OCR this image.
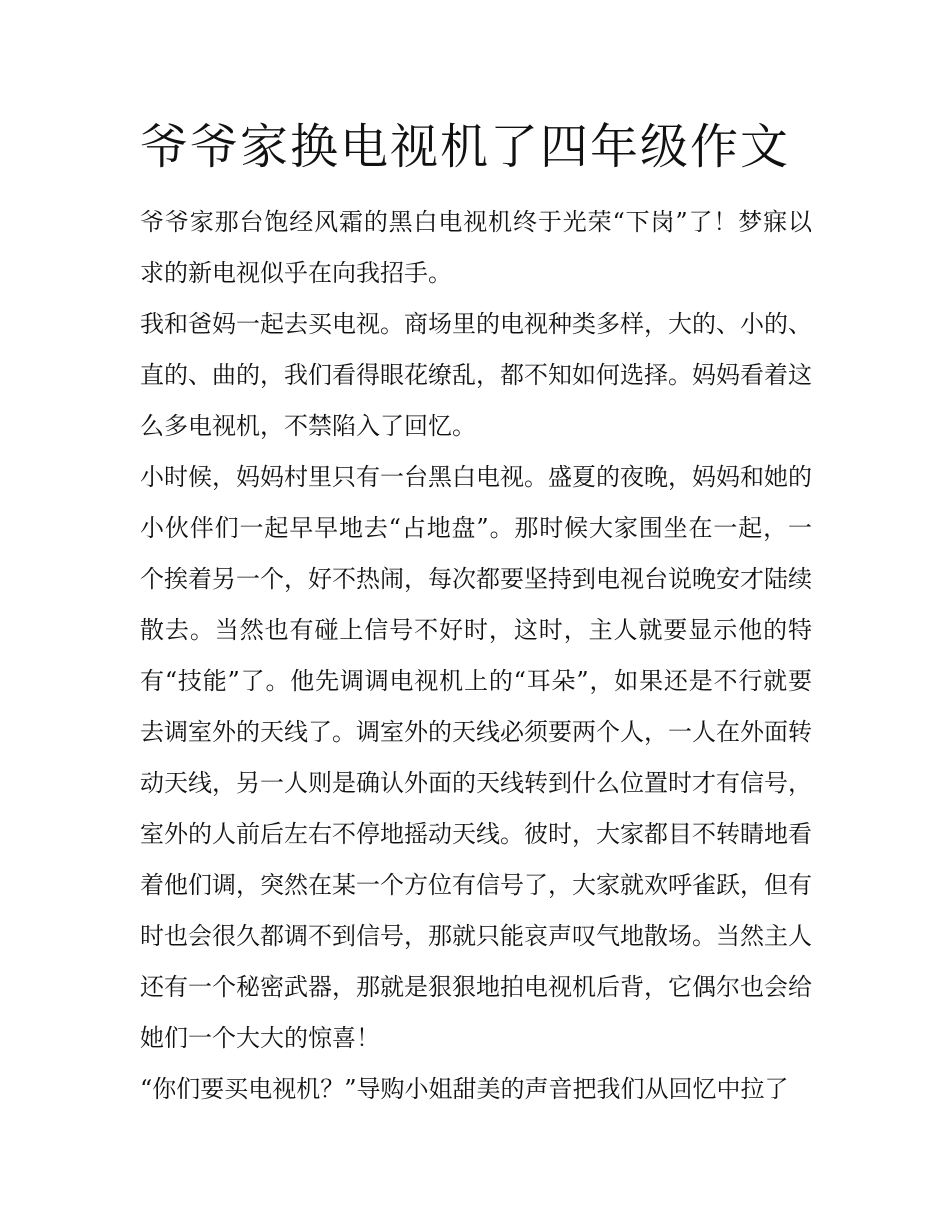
爷爷家换电视机了四年级作文

爷爷家那台饱经风霜的黑白电视机终于光荣“下岗”了！梦寐以求的新电视似乎在向我招手。

我和爸妈一起去买电视。商场里的电视种类多样，大的、小的、直的、曲的，我们看得眼花缭乱，都不知如何选择。妈妈看着这么多电视机，不禁陷入了回忆。

小时候，妈妈村里只有一台黑白电视。盛夏的夜晚，妈妈和她的小伙伴们一起早早地去“占地盘”。那时候大家围坐在一起，一个挨着另一个，好不热闹，每次都要坚持到电视台说晚安才陆续散去。当然也有碰上信号不好时，这时，主人就要显示他的特有“技能”了。他先调调电视机上的“耳朵”，如果还是不行就要去调室外的天线了。调室外的天线必须要两个人，一人在外面转动天线，另一人则是确认外面的天线转到什么位置时才有信号，室外的人前后左右不停地摇动天线。彼时，大家都目不转睛地看着他们调，突然在某一个方位有信号了，大家就欢呼雀跃，但有时也会很久都调不到信号，那就只能哀声叹气地散场。当然主人还有一个秘密武器，那就是狠狠地拍电视机后背，它偶尔也会给她们一个大大的惊喜！

“你们要买电视机？”导购小姐甜美的声音把我们从回忆中拉了
